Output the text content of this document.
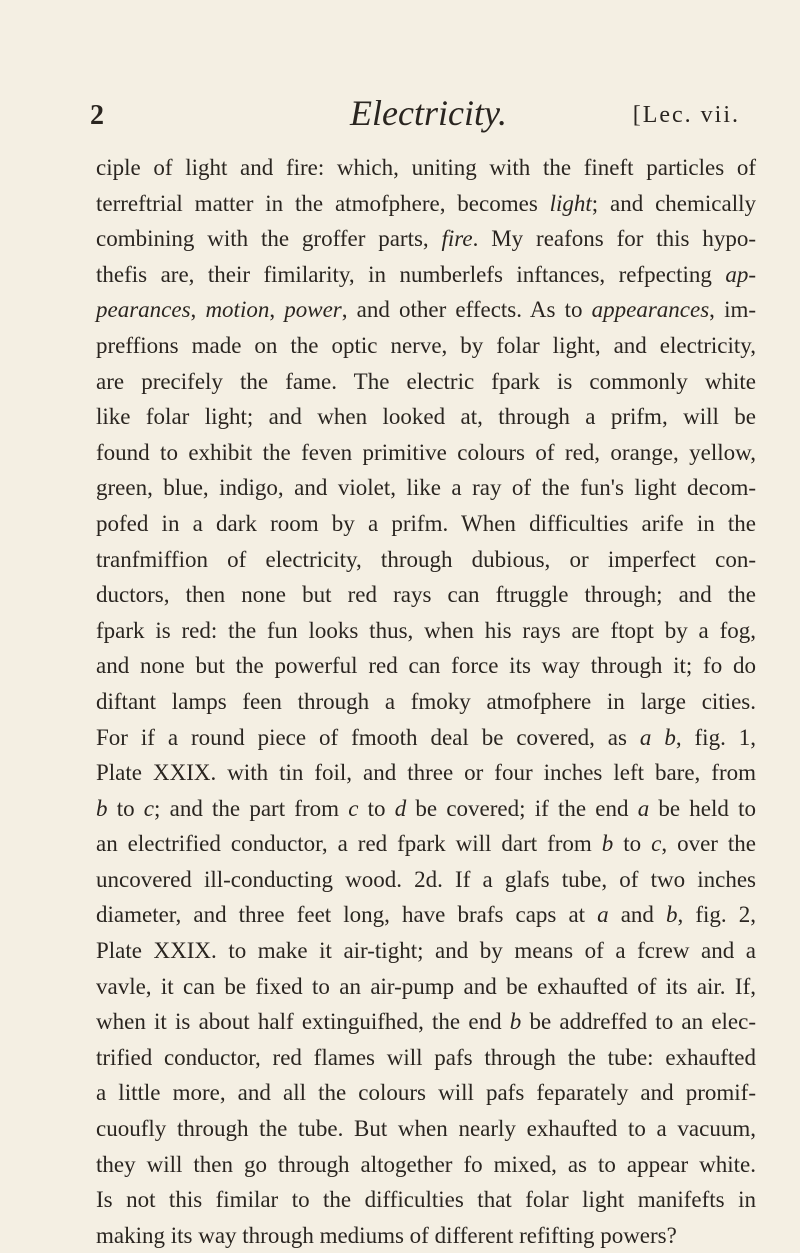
2	Electricity.	[Lec. vii.
ciple of light and fire: which, uniting with the fineft particles of
terreftrial matter in the atmofphere, becomes light; and chemically
combining with the groffer parts, fire. My reafons for this hypo-
thefis are, their fimilarity, in numberlefs inftances, refpecting ap-
pearances, motion, power, and other effects. As to appearances, im-
preffions made on the optic nerve, by folar light, and electricity,
are precifely the fame. The electric fpark is commonly white
like folar light; and when looked at, through a prifm, will be
found to exhibit the feven primitive colours of red, orange, yellow,
green, blue, indigo, and violet, like a ray of the fun's light decom-
pofed in a dark room by a prifm. When difficulties arife in the
tranfmiffion of electricity, through dubious, or imperfect con-
ductors, then none but red rays can ftruggle through; and the
fpark is red: the fun looks thus, when his rays are ftopt by a fog,
and none but the powerful red can force its way through it; fo do
diftant lamps feen through a fmoky atmofphere in large cities.
For if a round piece of fmooth deal be covered, as a b, fig. 1,
Plate XXIX. with tin foil, and three or four inches left bare, from
b to c; and the part from c to d be covered; if the end a be held to
an electrified conductor, a red fpark will dart from b to c, over the
uncovered ill-conducting wood. 2d. If a glafs tube, of two inches
diameter, and three feet long, have brafs caps at a and b, fig. 2,
Plate XXIX. to make it air-tight; and by means of a fcrew and a
vavle, it can be fixed to an air-pump and be exhaufted of its air. If,
when it is about half extinguifhed, the end b be addreffed to an elec-
trified conductor, red flames will pafs through the tube: exhaufted
a little more, and all the colours will pafs feparately and promif-
cuoufly through the tube. But when nearly exhaufted to a vacuum,
they will then go through altogether fo mixed, as to appear white.
Is not this fimilar to the difficulties that folar light manifefts in
making its way through mediums of different refifting powers?
